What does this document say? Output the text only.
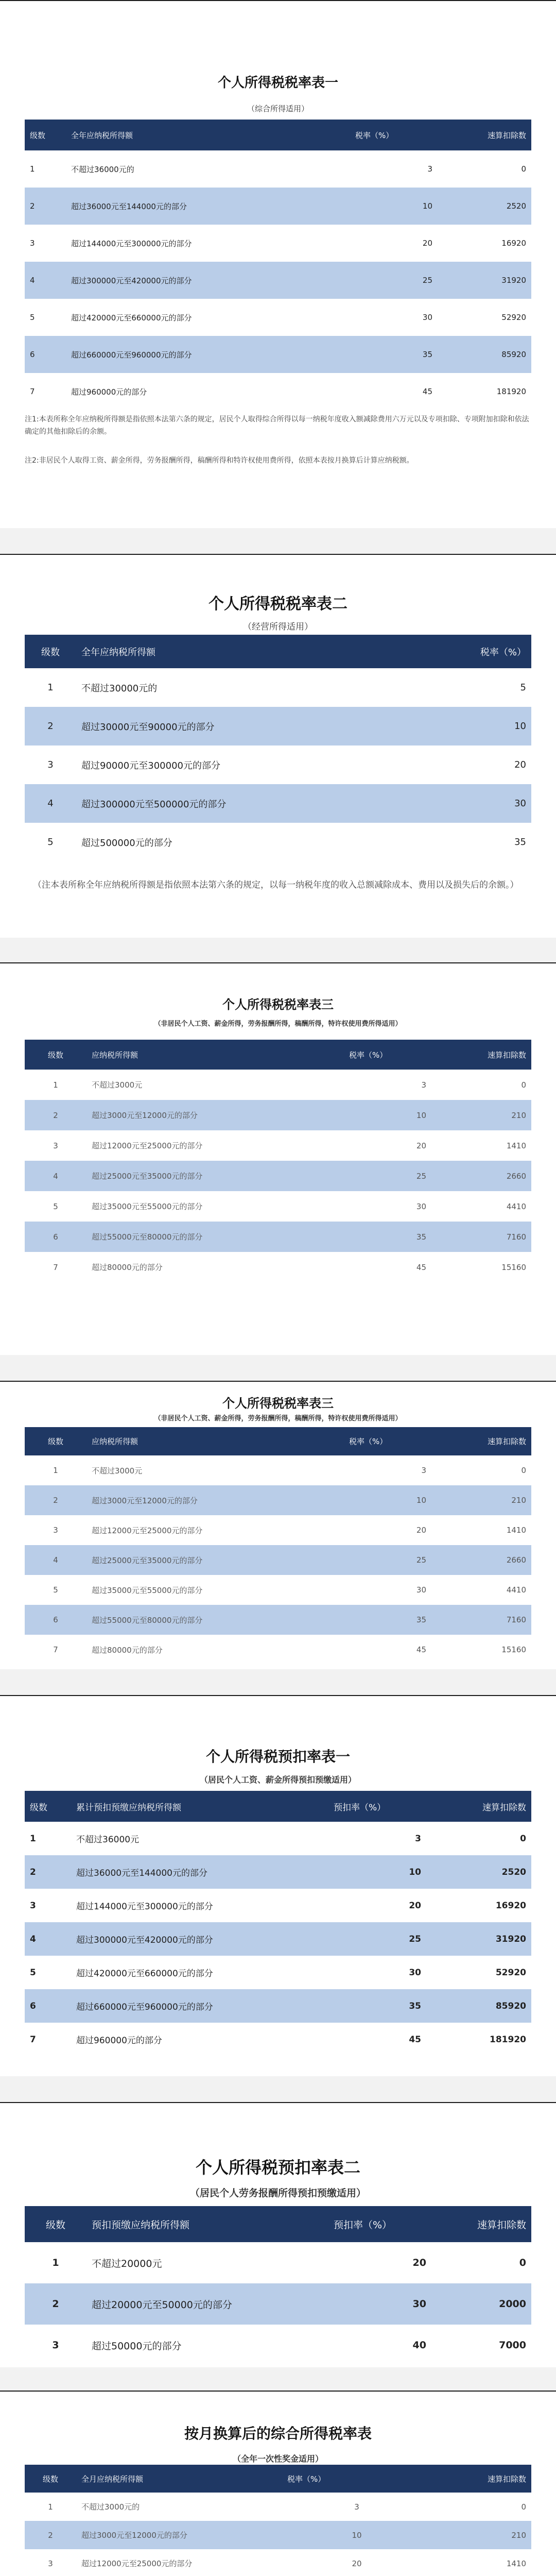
个人所得税税率表一
（综合所得适用）
级数	全年应纳税所得额	税率（%）	速算扣除数
1	不超过36000元的	3	0
2	超过36000元至144000元的部分	10	2520
3	超过144000元至300000元的部分	20	16920
4	超过300000元至420000元的部分	25	31920
5	超过420000元至660000元的部分	30	52920
6	超过660000元至960000元的部分	35	85920
7	超过960000元的部分	45	181920
注1:本表所称全年应纳税所得额是指依照本法第六条的规定，居民个人取得综合所得以每一纳税年度收入额减除费用六万元以及专项扣除、专项附加扣除和依法确定的其他扣除后的余额。
注2:非居民个人取得工资、薪金所得，劳务报酬所得，稿酬所得和特许权使用费所得，依照本表按月换算后计算应纳税额。
个人所得税税率表二
（经营所得适用）
级数	全年应纳税所得额	税率（%）
1	不超过30000元的	5
2	超过30000元至90000元的部分	10
3	超过90000元至300000元的部分	20
4	超过300000元至500000元的部分	30
5	超过500000元的部分	35
（注本表所称全年应纳税所得额是指依照本法第六条的规定，以每一纳税年度的收入总额减除成本、费用以及损失后的余额。）
个人所得税税率表三
（非居民个人工资、薪金所得，劳务报酬所得，稿酬所得，特许权使用费所得适用）
级数	应纳税所得额	税率（%）	速算扣除数
1	不超过3000元	3	0
2	超过3000元至12000元的部分	10	210
3	超过12000元至25000元的部分	20	1410
4	超过25000元至35000元的部分	25	2660
5	超过35000元至55000元的部分	30	4410
6	超过55000元至80000元的部分	35	7160
7	超过80000元的部分	45	15160
个人所得税税率表三
（非居民个人工资、薪金所得，劳务报酬所得，稿酬所得，特许权使用费所得适用）
级数	应纳税所得额	税率（%）	速算扣除数
1	不超过3000元	3	0
2	超过3000元至12000元的部分	10	210
3	超过12000元至25000元的部分	20	1410
4	超过25000元至35000元的部分	25	2660
5	超过35000元至55000元的部分	30	4410
6	超过55000元至80000元的部分	35	7160
7	超过80000元的部分	45	15160
个人所得税预扣率表一
（居民个人工资、薪金所得预扣预缴适用）
级数	累计预扣预缴应纳税所得额	预扣率（%）	速算扣除数
1	不超过36000元	3	0
2	超过36000元至144000元的部分	10	2520
3	超过144000元至300000元的部分	20	16920
4	超过300000元至420000元的部分	25	31920
5	超过420000元至660000元的部分	30	52920
6	超过660000元至960000元的部分	35	85920
7	超过960000元的部分	45	181920
个人所得税预扣率表二
（居民个人劳务报酬所得预扣预缴适用）
级数	预扣预缴应纳税所得额	预扣率（%）	速算扣除数
1	不超过20000元	20	0
2	超过20000元至50000元的部分	30	2000
3	超过50000元的部分	40	7000
按月换算后的综合所得税率表
（全年一次性奖金适用）
级数	全月应纳税所得额	税率（%）	速算扣除数
1	不超过3000元的	3	0
2	超过3000元至12000元的部分	10	210
3	超过12000元至25000元的部分	20	1410
